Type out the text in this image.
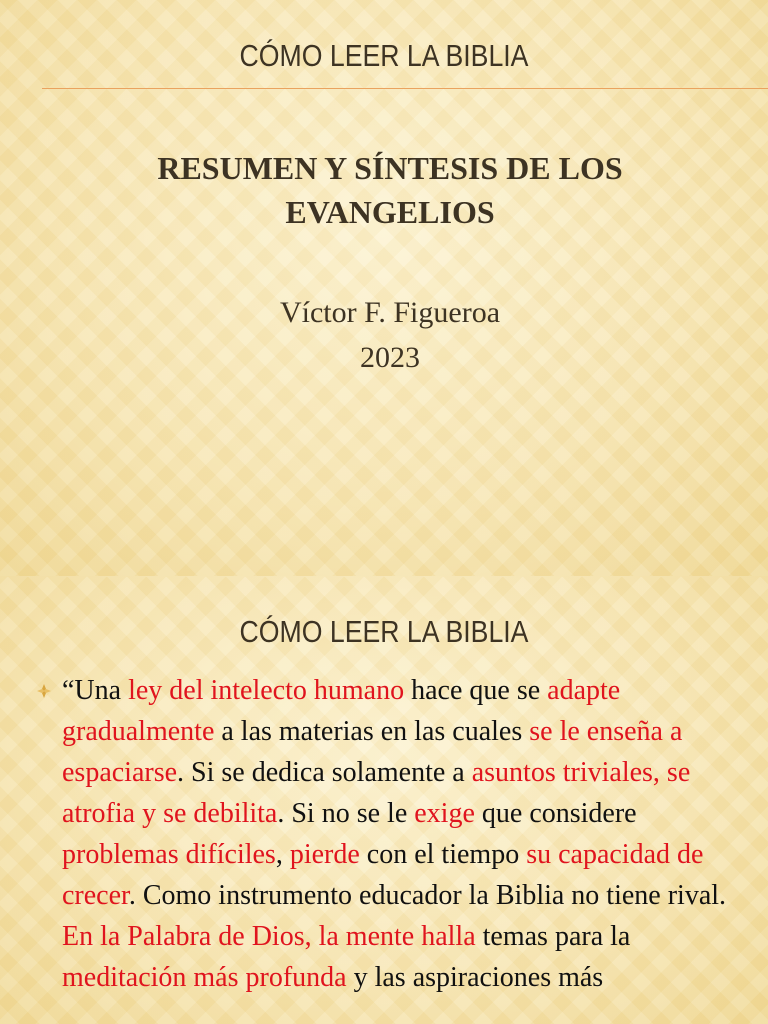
CÓMO LEER LA BIBLIA
RESUMEN Y SÍNTESIS DE LOS
EVANGELIOS
Víctor F. Figueroa
2023
CÓMO LEER LA BIBLIA
“Una ley del intelecto humano hace que se adapte gradualmente a las materias en las cuales se le enseña a espaciarse. Si se dedica solamente a asuntos triviales, se atrofia y se debilita. Si no se le exige que considere problemas difíciles, pierde con el tiempo su capacidad de crecer. Como instrumento educador la Biblia no tiene rival. En la Palabra de Dios, la mente halla temas para la meditación más profunda y las aspiraciones más
